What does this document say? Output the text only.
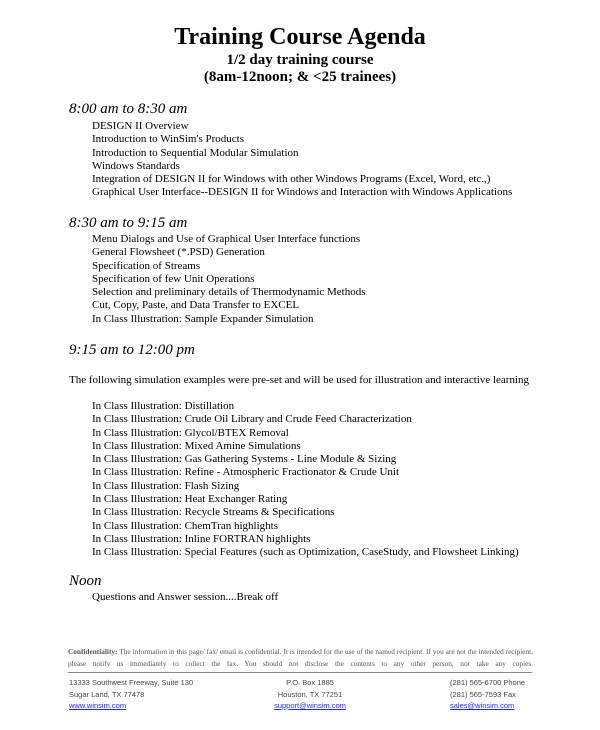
Training Course Agenda
1/2 day training course
(8am-12noon; & <25 trainees)
8:00 am to 8:30 am
DESIGN II Overview
Introduction to WinSim's Products
Introduction to Sequential Modular Simulation
Windows Standards
Integration of DESIGN II for Windows with other Windows Programs (Excel, Word, etc.,)
Graphical User Interface--DESIGN II for Windows and Interaction with Windows Applications
8:30 am to 9:15 am
Menu Dialogs and Use of Graphical User Interface functions
General Flowsheet (*.PSD) Generation
Specification of Streams
Specification of few Unit Operations
Selection and preliminary details of Thermodynamic Methods
Cut, Copy, Paste, and Data Transfer to EXCEL
In Class Illustration: Sample Expander Simulation
9:15 am to 12:00 pm
The following simulation examples were pre-set and will be used for illustration and interactive learning
In Class Illustration: Distillation
In Class Illustration: Crude Oil Library and Crude Feed Characterization
In Class Illustration: Glycol/BTEX Removal
In Class Illustration: Mixed Amine Simulations
In Class Illustration: Gas Gathering Systems - Line Module & Sizing
In Class Illustration: Refine - Atmospheric Fractionator & Crude Unit
In Class Illustration: Flash Sizing
In Class Illustration: Heat Exchanger Rating
In Class Illustration: Recycle Streams & Specifications
In Class Illustration: ChemTran highlights
In Class Illustration: Inline FORTRAN highlights
In Class Illustration: Special Features (such as Optimization, CaseStudy, and Flowsheet Linking)
Noon
Questions and Answer session....Break off
Confidentiality: The information in this page/ fax/ email is confidential. It is intended for the use of the named recipient. If you are not the intended recipient, please notify us immediately to collect the fax. You should not disclose the contents to any other person, nor take any copies.
13333 Southwest Freeway, Suite 130
Sugar Land, TX 77478
www.winsim.com
P.O. Box 1885
Houston, TX 77251
support@winsim.com
(281) 565-6700 Phone
(281) 565-7593 Fax
sales@winsim.com
